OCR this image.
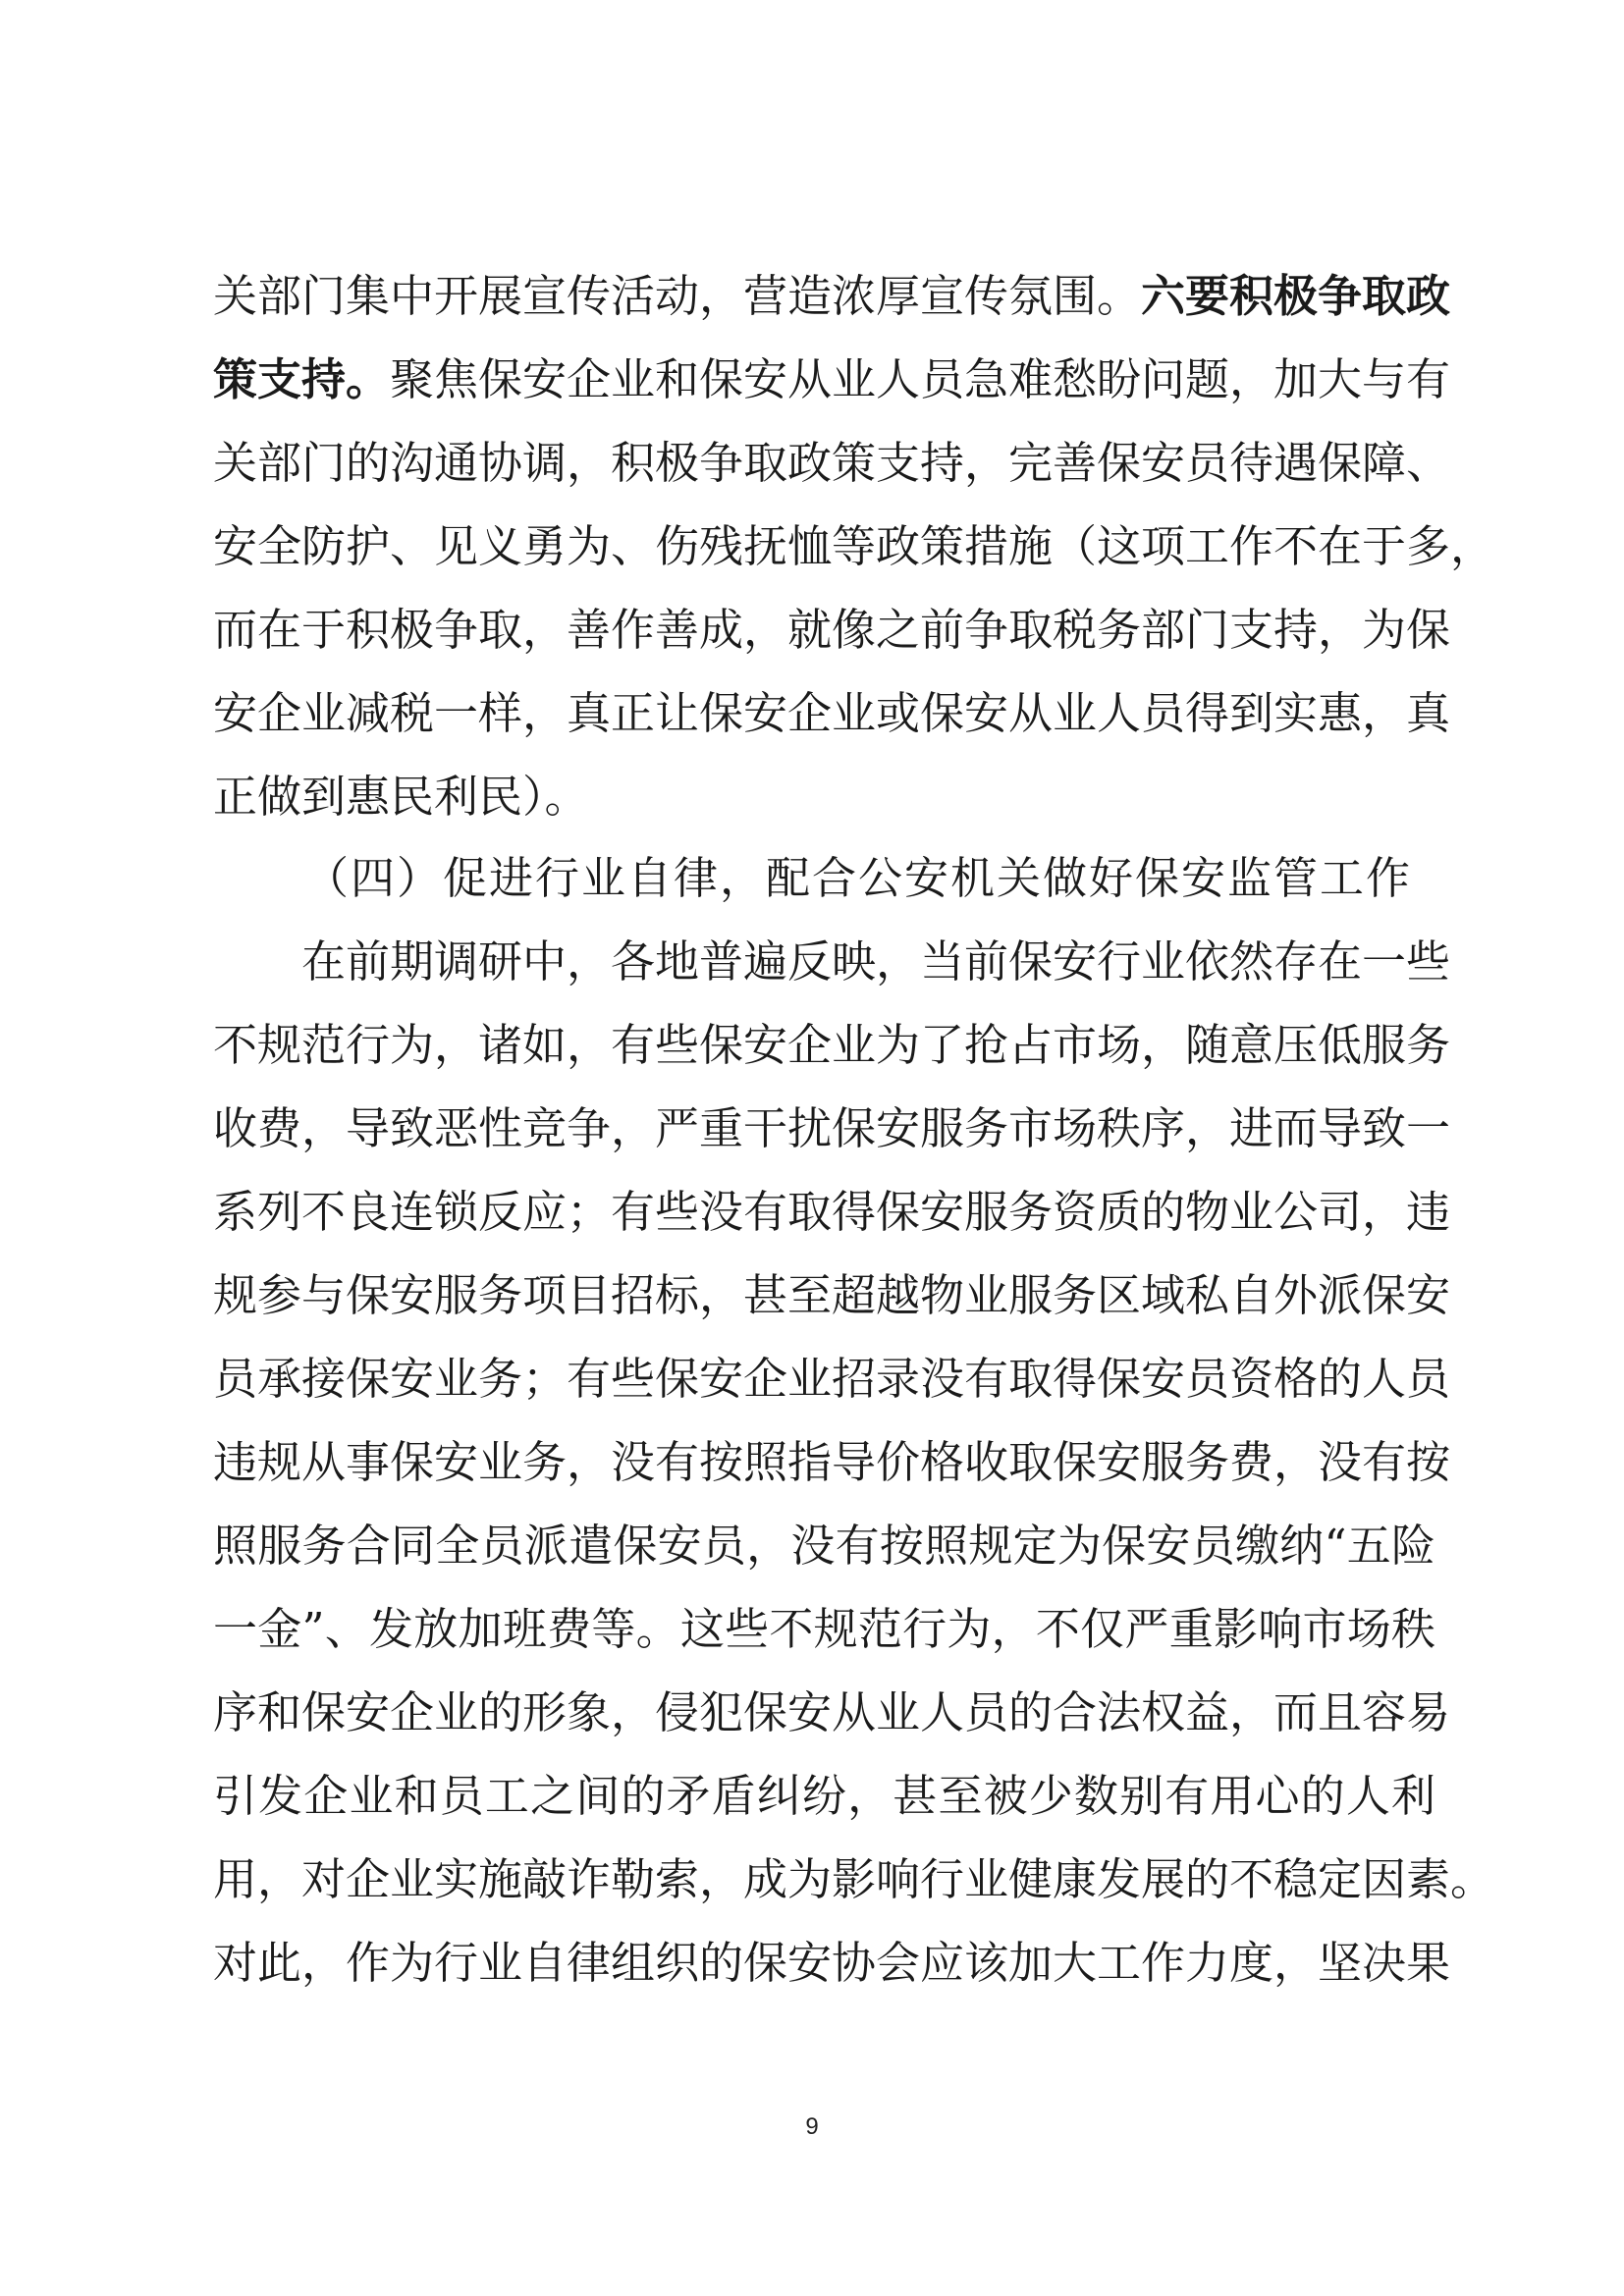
关部门集中开展宣传活动，营造浓厚宣传氛围。六要积极争取政
策支持。聚焦保安企业和保安从业人员急难愁盼问题，加大与有
关部门的沟通协调，积极争取政策支持，完善保安员待遇保障、
安全防护、见义勇为、伤残抚恤等政策措施（这项工作不在于多，
而在于积极争取，善作善成，就像之前争取税务部门支持，为保
安企业减税一样，真正让保安企业或保安从业人员得到实惠，真
正做到惠民利民）。
（四）促进行业自律，配合公安机关做好保安监管工作
在前期调研中，各地普遍反映，当前保安行业依然存在一些
不规范行为，诸如，有些保安企业为了抢占市场，随意压低服务
收费，导致恶性竞争，严重干扰保安服务市场秩序，进而导致一
系列不良连锁反应；有些没有取得保安服务资质的物业公司，违
规参与保安服务项目招标，甚至超越物业服务区域私自外派保安
员承接保安业务；有些保安企业招录没有取得保安员资格的人员
违规从事保安业务，没有按照指导价格收取保安服务费，没有按
照服务合同全员派遣保安员，没有按照规定为保安员缴纳“五险
一金”、发放加班费等。这些不规范行为，不仅严重影响市场秩
序和保安企业的形象，侵犯保安从业人员的合法权益，而且容易
引发企业和员工之间的矛盾纠纷，甚至被少数别有用心的人利
用，对企业实施敲诈勒索，成为影响行业健康发展的不稳定因素。
对此，作为行业自律组织的保安协会应该加大工作力度，坚决果
9
